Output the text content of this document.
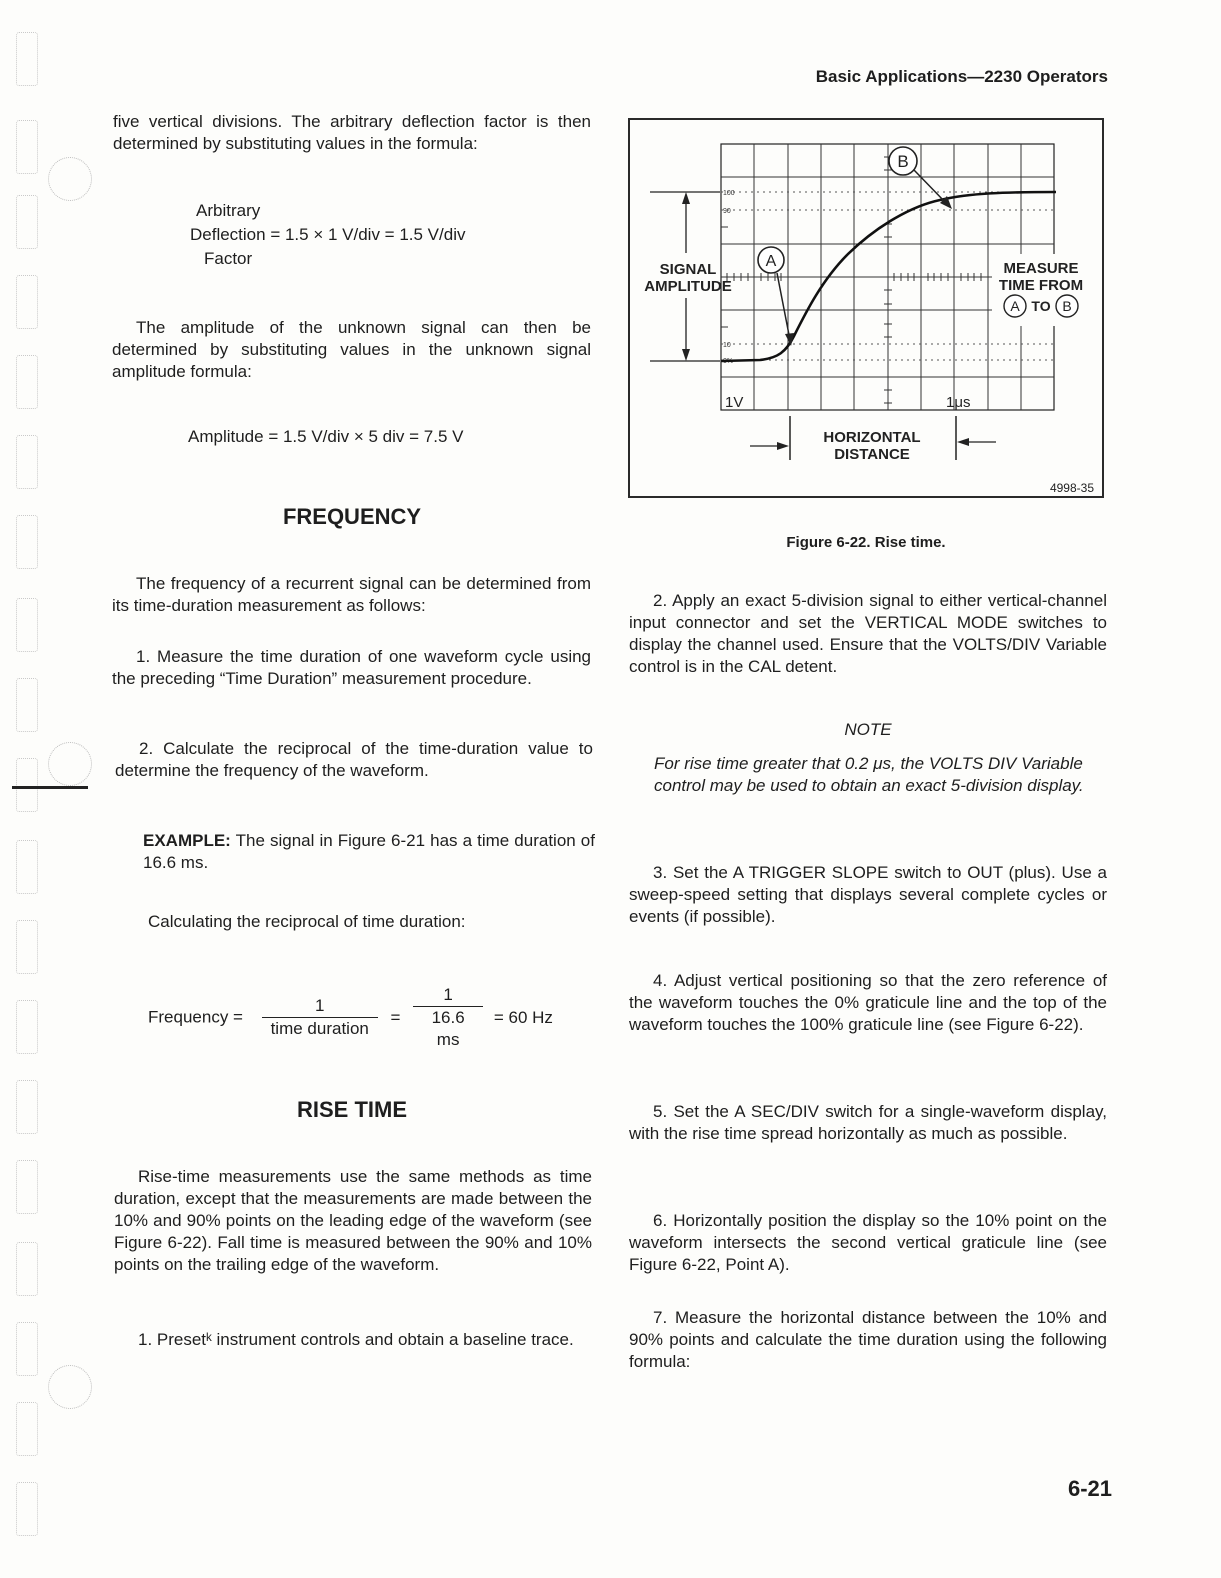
Basic Applications—2230 Operators
five vertical divisions. The arbitrary deflection factor is then determined by substituting values in the formula:
Arbitrary
Deflection = 1.5 × 1 V/div = 1.5 V/div
Factor
The amplitude of the unknown signal can then be determined by substituting values in the unknown signal amplitude formula:
Amplitude = 1.5 V/div × 5 div = 7.5 V
FREQUENCY
The frequency of a recurrent signal can be determined from its time-duration measurement as follows:
1. Measure the time duration of one waveform cycle using the preceding “Time Duration” measurement procedure.
2. Calculate the reciprocal of the time-duration value to determine the frequency of the waveform.
EXAMPLE: The signal in Figure 6-21 has a time duration of 16.6 ms.
Calculating the reciprocal of time duration:
Frequency = $\frac{1}{\text{time duration}} = \frac{1}{16.6 ms} = 60$ Hz
RISE TIME
Rise-time measurements use the same methods as time duration, except that the measurements are made between the 10% and 90% points on the leading edge of the waveform (see Figure 6-22). Fall time is measured between the 90% and 10% points on the trailing edge of the waveform.
1. Presetᵏ instrument controls and obtain a baseline trace.
100
90
10
0%
SIGNAL
AMPLITUDE
A
B
MEASURE
TIME FROM
A TO B
1V	1μs
HORIZONTAL
DISTANCE
4998-35
Figure 6-22. Rise time.
2. Apply an exact 5-division signal to either vertical-channel input connector and set the VERTICAL MODE switches to display the channel used. Ensure that the VOLTS/DIV Variable control is in the CAL detent.
NOTE
For rise time greater that 0.2 μs, the VOLTS DIV Variable control may be used to obtain an exact 5-division display.
3. Set the A TRIGGER SLOPE switch to OUT (plus). Use a sweep-speed setting that displays several complete cycles or events (if possible).
4. Adjust vertical positioning so that the zero reference of the waveform touches the 0% graticule line and the top of the waveform touches the 100% graticule line (see Figure 6-22).
5. Set the A SEC/DIV switch for a single-waveform display, with the rise time spread horizontally as much as possible.
6. Horizontally position the display so the 10% point on the waveform intersects the second vertical graticule line (see Figure 6-22, Point A).
7. Measure the horizontal distance between the 10% and 90% points and calculate the time duration using the following formula:
6-21
